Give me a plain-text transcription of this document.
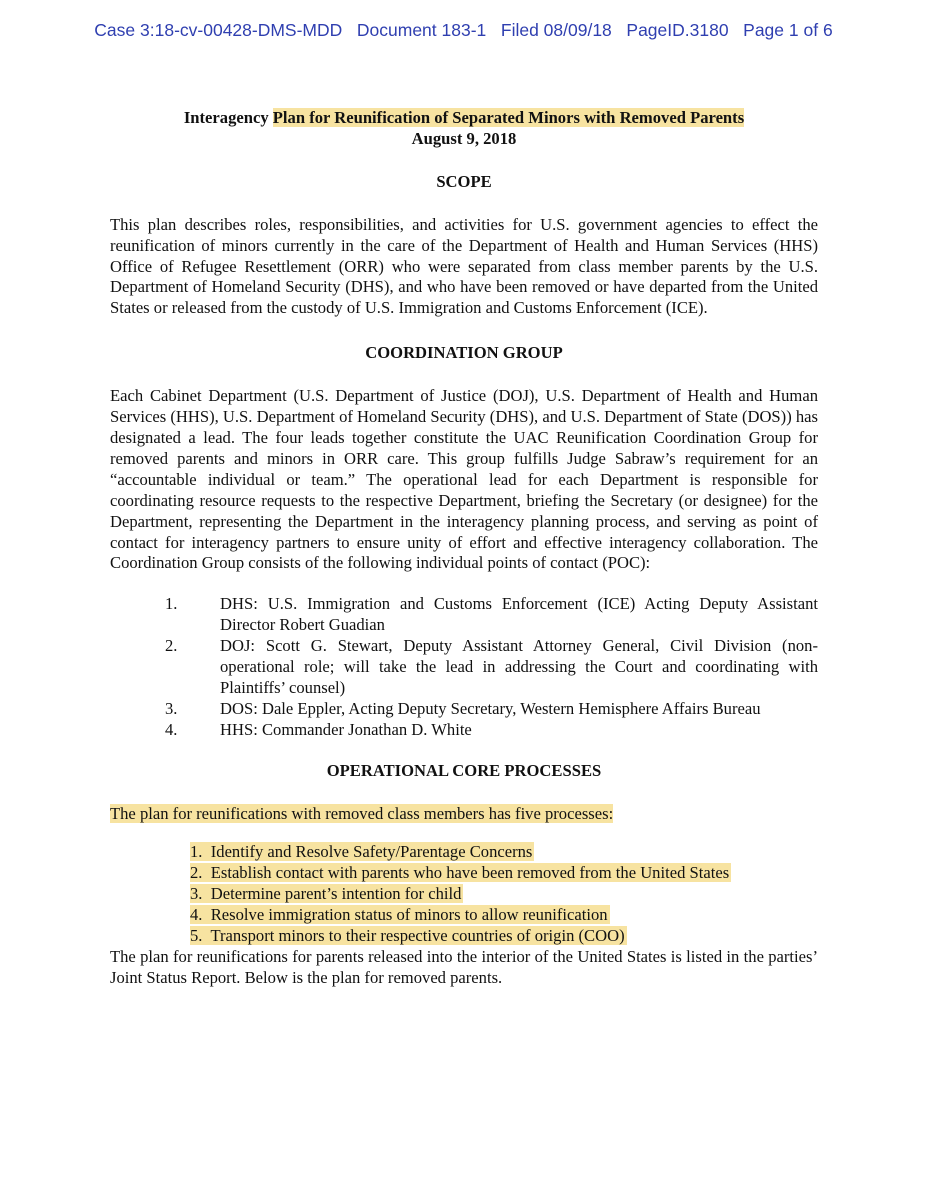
Case 3:18-cv-00428-DMS-MDD Document 183-1 Filed 08/09/18 PageID.3180 Page 1 of 6
Interagency Plan for Reunification of Separated Minors with Removed Parents
August 9, 2018
SCOPE

This plan describes roles, responsibilities, and activities for U.S. government agencies to effect the reunification of minors currently in the care of the Department of Health and Human Services (HHS) Office of Refugee Resettlement (ORR) who were separated from class member parents by the U.S. Department of Homeland Security (DHS), and who have been removed or have departed from the United States or released from the custody of U.S. Immigration and Customs Enforcement (ICE).

COORDINATION GROUP

Each Cabinet Department (U.S. Department of Justice (DOJ), U.S. Department of Health and Human Services (HHS), U.S. Department of Homeland Security (DHS), and U.S. Department of State (DOS)) has designated a lead. The four leads together constitute the UAC Reunification Coordination Group for removed parents and minors in ORR care. This group fulfills Judge Sabraw’s requirement for an “accountable individual or team.” The operational lead for each Department is responsible for coordinating resource requests to the respective Department, briefing the Secretary (or designee) for the Department, representing the Department in the interagency planning process, and serving as point of contact for interagency partners to ensure unity of effort and effective interagency collaboration. The Coordination Group consists of the following individual points of contact (POC):

1.	DHS: U.S. Immigration and Customs Enforcement (ICE) Acting Deputy Assistant Director Robert Guadian
2.	DOJ: Scott G. Stewart, Deputy Assistant Attorney General, Civil Division (non-operational role; will take the lead in addressing the Court and coordinating with Plaintiffs’ counsel)
3.	DOS: Dale Eppler, Acting Deputy Secretary, Western Hemisphere Affairs Bureau
4.	HHS: Commander Jonathan D. White
OPERATIONAL CORE PROCESSES
The plan for reunifications with removed class members has five processes:
1.  Identify and Resolve Safety/Parentage Concerns
2.  Establish contact with parents who have been removed from the United States
3.  Determine parent’s intention for child
4.  Resolve immigration status of minors to allow reunification
5.  Transport minors to their respective countries of origin (COO)

The plan for reunifications for parents released into the interior of the United States is listed in the parties’ Joint Status Report. Below is the plan for removed parents.
